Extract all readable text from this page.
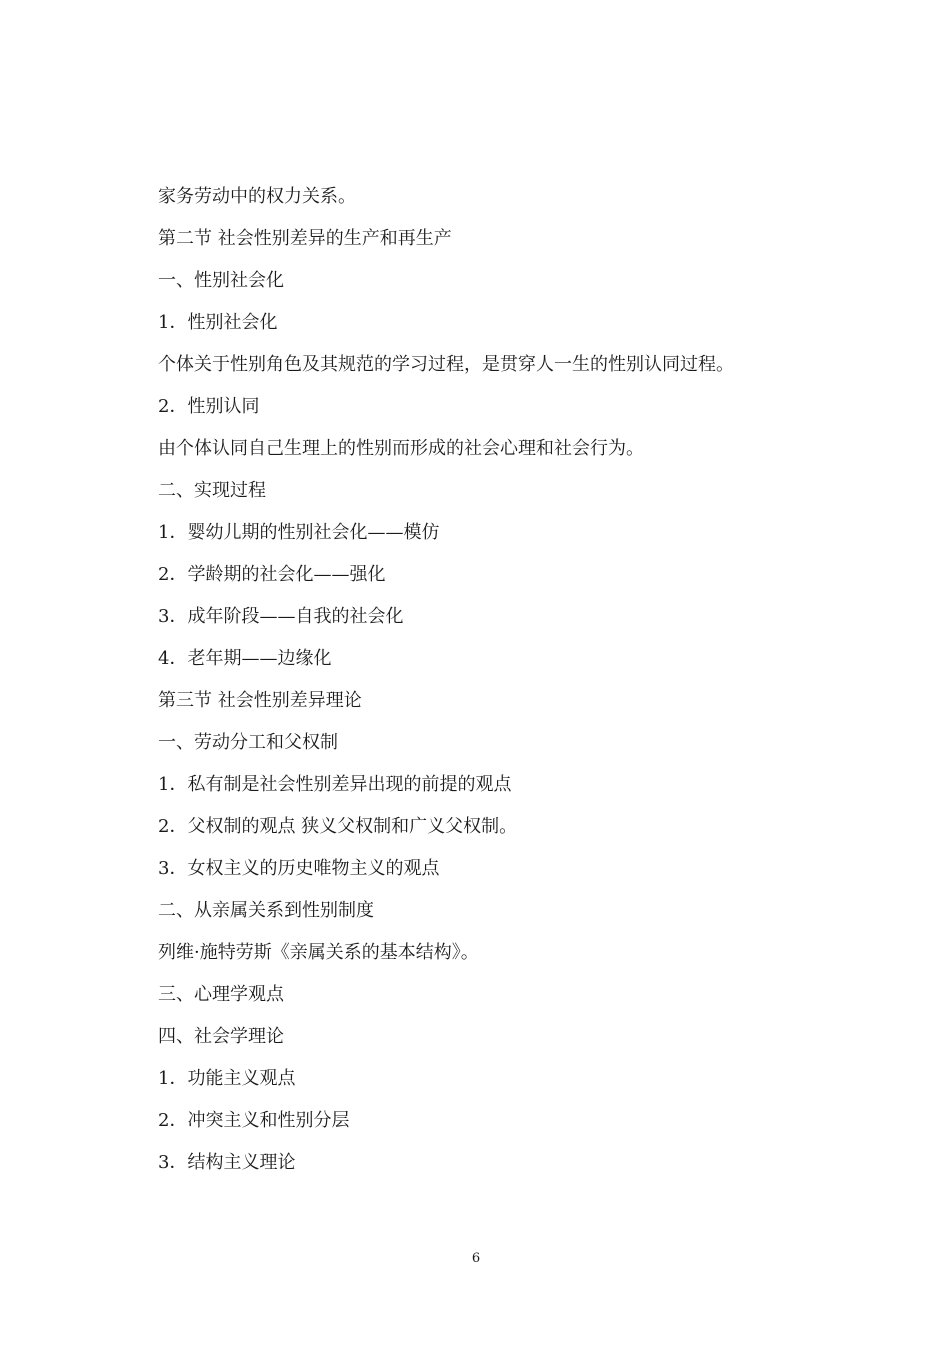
家务劳动中的权力关系。
第二节 社会性别差异的生产和再生产
一、性别社会化
1．性别社会化
个体关于性别角色及其规范的学习过程，是贯穿人一生的性别认同过程。
2．性别认同
由个体认同自己生理上的性别而形成的社会心理和社会行为。
二、实现过程
1．婴幼儿期的性别社会化——模仿
2．学龄期的社会化——强化
3．成年阶段——自我的社会化
4．老年期——边缘化
第三节 社会性别差异理论
一、劳动分工和父权制
1．私有制是社会性别差异出现的前提的观点
2．父权制的观点 狭义父权制和广义父权制。
3．女权主义的历史唯物主义的观点
二、从亲属关系到性别制度
列维·施特劳斯《亲属关系的基本结构》。
三、心理学观点
四、社会学理论
1．功能主义观点
2．冲突主义和性别分层
3．结构主义理论
6
